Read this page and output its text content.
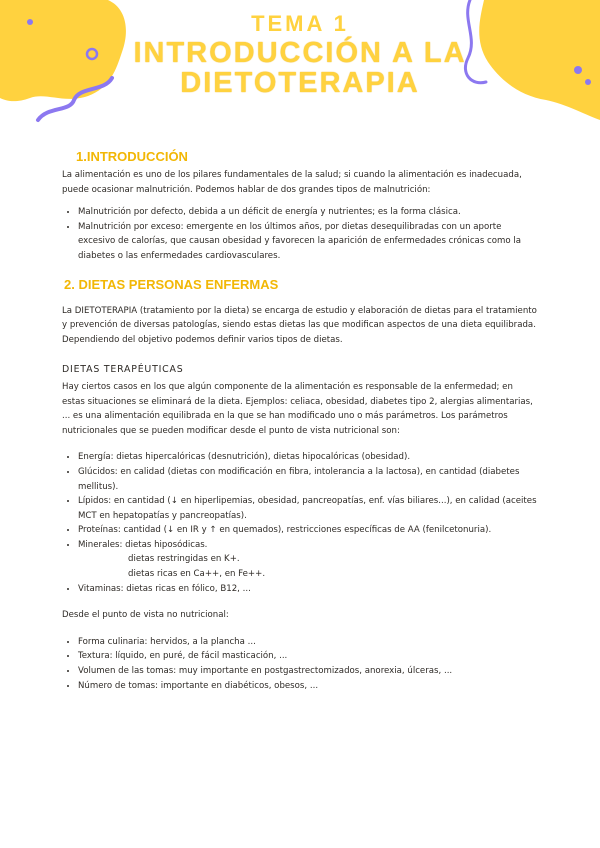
TEMA 1
INTRODUCCIÓN A LA
DIETOTERAPIA
1.INTRODUCCIÓN

La alimentación es uno de los pilares fundamentales de la salud; si cuando la alimentación es inadecuada, puede ocasionar malnutrición. Podemos hablar de dos grandes tipos de malnutrición:

• Malnutrición por defecto, debida a un déficit de energía y nutrientes; es la forma clásica.
• Malnutrición por exceso: emergente en los últimos años, por dietas desequilibradas con un aporte excesivo de calorías, que causan obesidad y favorecen la aparición de enfermedades crónicas como la diabetes o las enfermedades cardiovasculares.
2. DIETAS PERSONAS ENFERMAS

La DIETOTERAPIA (tratamiento por la dieta) se encarga de estudio y elaboración de dietas para el tratamiento y prevención de diversas patologías, siendo estas dietas las que modifican aspectos de una dieta equilibrada.

Dependiendo del objetivo podemos definir varios tipos de dietas.

DIETAS TERAPÉUTICAS

Hay ciertos casos en los que algún componente de la alimentación es responsable de la enfermedad; en estas situaciones se eliminará de la dieta. Ejemplos: celiaca, obesidad, diabetes tipo 2, alergias alimentarias, ... es una alimentación equilibrada en la que se han modificado uno o más parámetros. Los parámetros nutricionales que se pueden modificar desde el punto de vista nutricional son:

• Energía: dietas hipercalóricas (desnutrición), dietas hipocalóricas (obesidad).
• Glúcidos: en calidad (dietas con modificación en fibra, intolerancia a la lactosa), en cantidad (diabetes mellitus).
• Lípidos: en cantidad (↓ en hiperlipemias, obesidad, pancreopatías, enf. vías biliares...), en calidad (aceites MCT en hepatopatías y pancreopatías).
• Proteínas: cantidad (↓ en IR y ↑ en quemados), restricciones específicas de AA (fenilcetonuria).
• Minerales: dietas hiposódicas.
dietas restringidas en K+.
dietas ricas en Ca++, en Fe++.
• Vitaminas: dietas ricas en fólico, B12, ...

Desde el punto de vista no nutricional:

• Forma culinaria: hervidos, a la plancha ...
• Textura: líquido, en puré, de fácil masticación, ...
• Volumen de las tomas: muy importante en postgastrectomizados, anorexia, úlceras, ...
• Número de tomas: importante en diabéticos, obesos, ...
